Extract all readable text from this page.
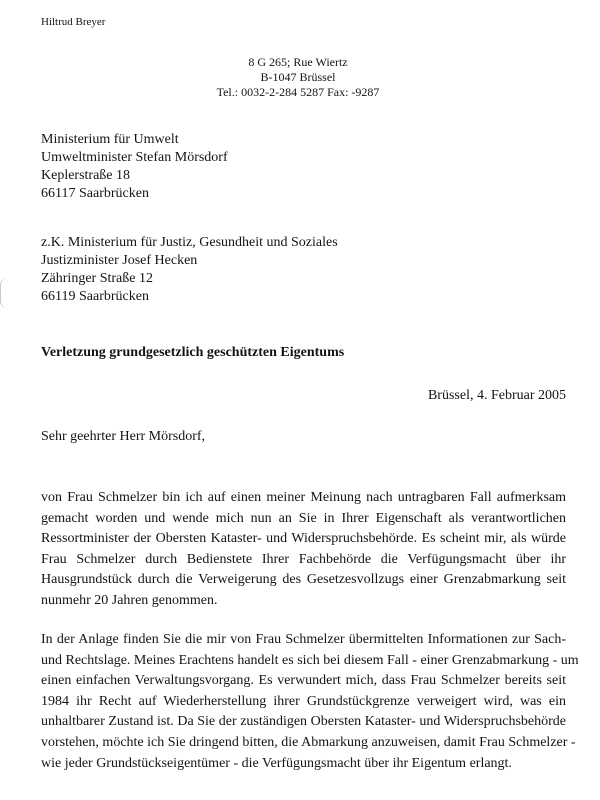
Hiltrud Breyer
8 G 265; Rue Wiertz
B-1047 Brüssel
Tel.: 0032-2-284 5287 Fax: -9287
Ministerium für Umwelt
Umweltminister Stefan Mörsdorf
Keplerstraße 18
66117 Saarbrücken
z.K. Ministerium für Justiz, Gesundheit und Soziales
Justizminister Josef Hecken
Zähringer Straße 12
66119 Saarbrücken
Verletzung grundgesetzlich geschützten Eigentums
Brüssel, 4. Februar 2005
Sehr geehrter Herr Mörsdorf,
von Frau Schmelzer bin ich auf einen meiner Meinung nach untragbaren Fall aufmerksam
gemacht worden und wende mich nun an Sie in Ihrer Eigenschaft als verantwortlichen
Ressortminister der Obersten Kataster- und Widerspruchsbehörde. Es scheint mir, als würde
Frau Schmelzer durch Bedienstete Ihrer Fachbehörde die Verfügungsmacht über ihr
Hausgrundstück durch die Verweigerung des Gesetzesvollzugs einer Grenzabmarkung seit
nunmehr 20 Jahren genommen.
In der Anlage finden Sie die mir von Frau Schmelzer übermittelten Informationen zur Sach-
und Rechtslage. Meines Erachtens handelt es sich bei diesem Fall - einer Grenzabmarkung - um
einen einfachen Verwaltungsvorgang. Es verwundert mich, dass Frau Schmelzer bereits seit
1984 ihr Recht auf Wiederherstellung ihrer Grundstückgrenze verweigert wird, was ein
unhaltbarer Zustand ist. Da Sie der zuständigen Obersten Kataster- und Widerspruchsbehörde
vorstehen, möchte ich Sie dringend bitten, die Abmarkung anzuweisen, damit Frau Schmelzer -
wie jeder Grundstückseigentümer - die Verfügungsmacht über ihr Eigentum erlangt.
